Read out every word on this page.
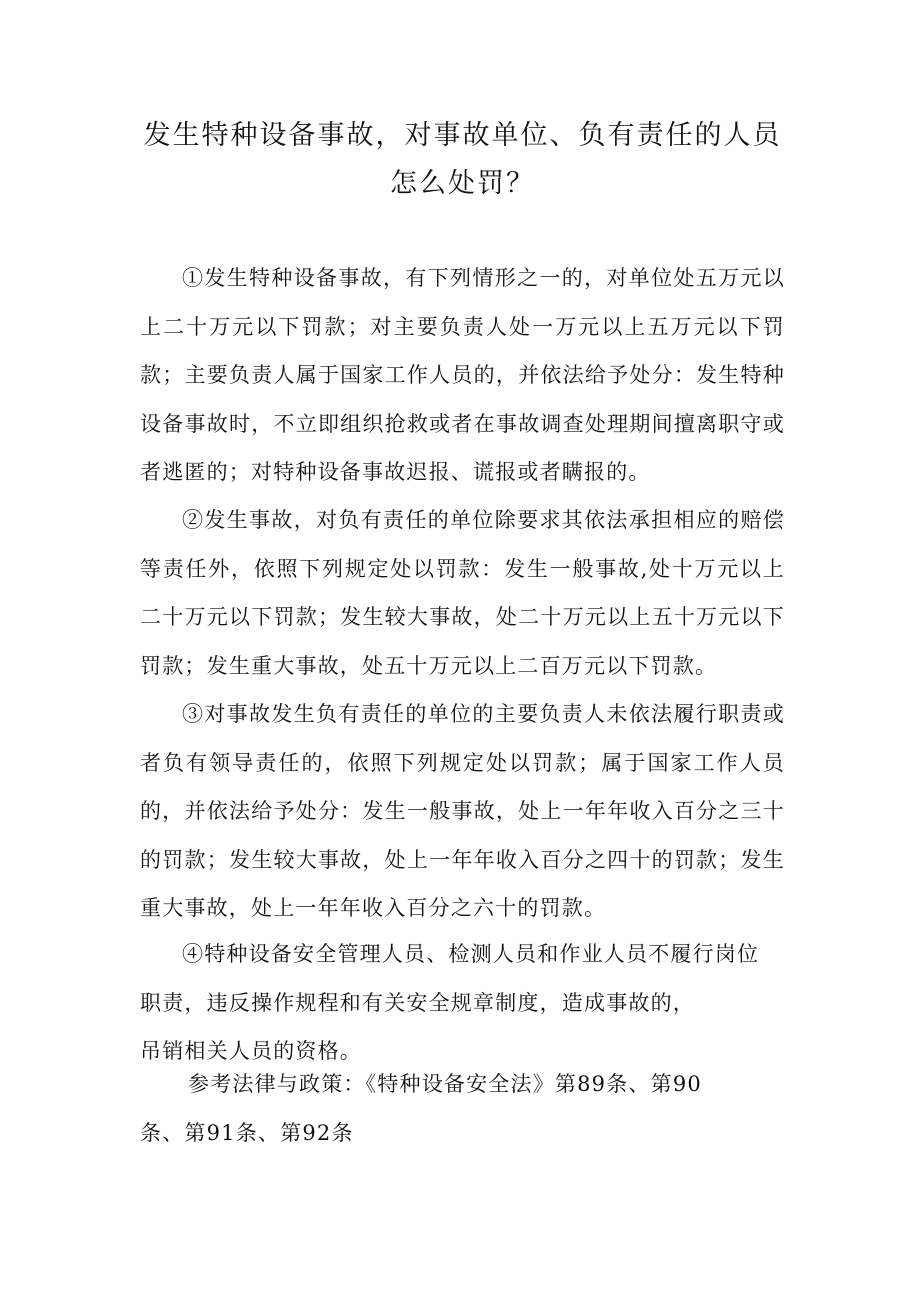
发生特种设备事故，对事故单位、负有责任的人员怎么处罚？

①发生特种设备事故，有下列情形之一的，对单位处五万元以上二十万元以下罚款；对主要负责人处一万元以上五万元以下罚款；主要负责人属于国家工作人员的，并依法给予处分：发生特种设备事故时，不立即组织抢救或者在事故调查处理期间擅离职守或者逃匿的；对特种设备事故迟报、谎报或者瞒报的。

②发生事故，对负有责任的单位除要求其依法承担相应的赔偿等责任外，依照下列规定处以罚款：发生一般事故,处十万元以上二十万元以下罚款；发生较大事故，处二十万元以上五十万元以下罚款；发生重大事故，处五十万元以上二百万元以下罚款。

③对事故发生负有责任的单位的主要负责人未依法履行职责或者负有领导责任的，依照下列规定处以罚款；属于国家工作人员的，并依法给予处分：发生一般事故，处上一年年收入百分之三十的罚款；发生较大事故，处上一年年收入百分之四十的罚款；发生重大事故，处上一年年收入百分之六十的罚款。

④特种设备安全管理人员、检测人员和作业人员不履行岗位
职责，违反操作规程和有关安全规章制度，造成事故的，
吊销相关人员的资格。
参考法律与政策：《特种设备安全法》第89条、第90
条、第91条、第92条
